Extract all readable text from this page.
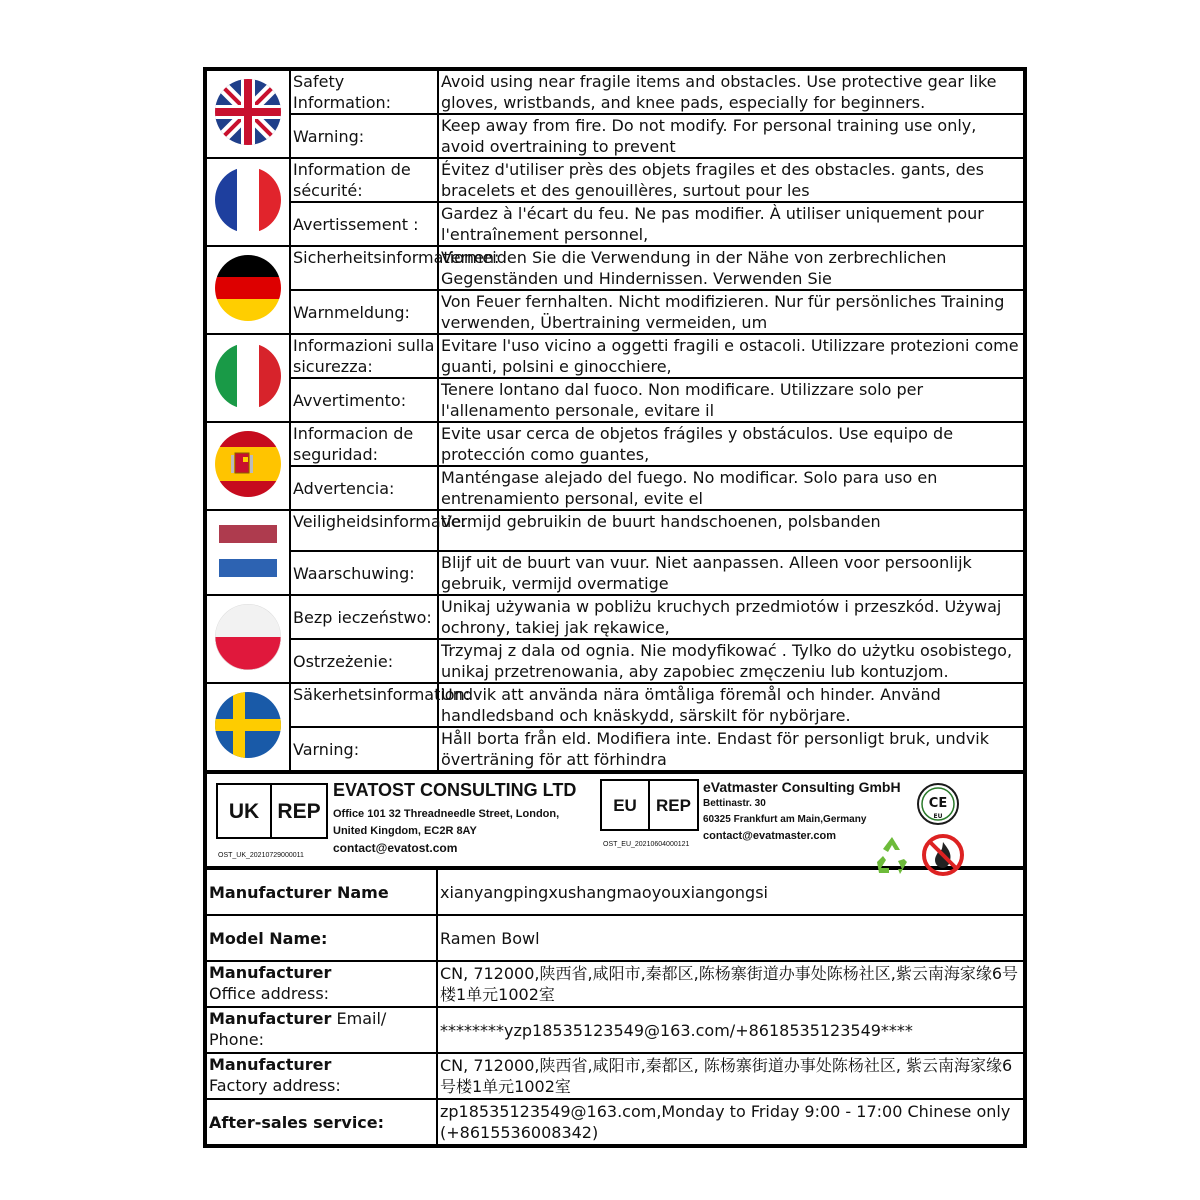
	Safety Information:	Avoid using near fragile items and obstacles. Use protective gear like gloves, wristbands, and knee pads, especially for beginners.
	Warning:	Keep away from fire. Do not modify. For personal training use only, avoid overtraining to prevent
	Information de sécurité:	Évitez d'utiliser près des objets fragiles et des obstacles. gants, des bracelets et des genouillères, surtout pour les
	Avertissement :	Gardez à l'écart du feu. Ne pas modifier. À utiliser uniquement pour l'entraînement personnel,
	Sicherheitsinformationen:	Vermeiden Sie die Verwendung in der Nähe von zerbrechlichen Gegenständen und Hindernissen. Verwenden Sie
	Warnmeldung:	Von Feuer fernhalten. Nicht modifizieren. Nur für persönliches Training verwenden, Übertraining vermeiden, um
	Informazioni sulla sicurezza:	Evitare l'uso vicino a oggetti fragili e ostacoli. Utilizzare protezioni come guanti, polsini e ginocchiere,
	Avvertimento:	Tenere lontano dal fuoco. Non modificare. Utilizzare solo per l'allenamento personale, evitare il
	Informacion de seguridad:	Evite usar cerca de objetos frágiles y obstáculos. Use equipo de protección como guantes,
	Advertencia:	Manténgase alejado del fuego. No modificar. Solo para uso en entrenamiento personal, evite el
	Veiligheidsinformatie:	Vermijd gebruikin de buurt handschoenen, polsbanden
	Waarschuwing:	Blijf uit de buurt van vuur. Niet aanpassen. Alleen voor persoonlijk gebruik, vermijd overmatige
	Bezp ieczeństwo:	Unikaj używania w pobliżu kruchych przedmiotów i przeszkód. Używaj ochrony, takiej jak rękawice,
	Ostrzeżenie:	Trzymaj z dala od ognia. Nie modyfikować . Tylko do użytku osobistego, unikaj przetrenowania, aby zapobiec zmęczeniu lub kontuzjom.
	Säkerhetsinformation:	Undvik att använda nära ömtåliga föremål och hinder. Använd handledsband och knäskydd, särskilt för nybörjare.
	Varning:	Håll borta från eld. Modifiera inte. Endast för personligt bruk, undvik överträning för att förhindra
UK REP
OST_UK_20210729000011
EVATOST CONSULTING LTD
Office 101 32 Threadneedle Street, London,
United Kingdom, EC2R 8AY
contact@evatost.com
EU	REP
OST_EU_20210604000121
eVatmaster Consulting GmbH
Bettinastr. 30
60325 Frankfurt am Main,Germany
contact@evatmaster.com
CE
EU
Manufacturer Name	xianyangpingxushangmaoyouxiangongsi
Model Name:	Ramen Bowl
Manufacturer
Office address:	CN, 712000,陕西省,咸阳市,秦都区,陈杨寨街道办事处陈杨社区,紫云南海家缘6号楼1单元1002室
Manufacturer Email/ Phone:	********yzp18535123549@163.com/+8618535123549****
Manufacturer
Factory address:	CN, 712000,陕西省,咸阳市,秦都区, 陈杨寨街道办事处陈杨社区, 紫云南海家缘6号楼1单元1002室
After-sales service:	zp18535123549@163.com,Monday to Friday 9:00 - 17:00 Chinese only (+8615536008342)
